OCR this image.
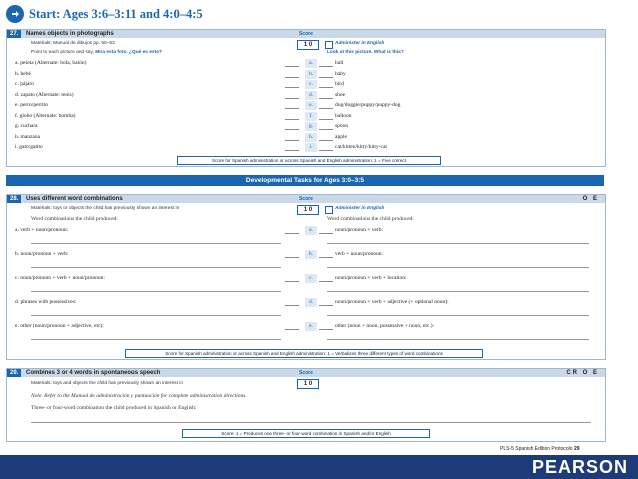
Start: Ages 3:6–3:11 and 4:0–4:5
27. Names objects in photographs	Score
1 0	Administer in English
Materials: Manual de dibujos pp. 50–52
Point to each picture and say, Mira esta foto. ¿Qué es esto?	Look at this picture. What is this?
a. pelota (Alternate: bola, balón)	a.	ball
b. bebé	b.	baby
c. pájaro	c.	bird
d. zapato (Alternate: tenis)	d.	shoe
e. perro/perrito	e.	dog/doggie/puppy/puppy-dog
f. globo (Alternate: bomba)	f.	balloon
g. cuchara	g.	spoon
h. manzana	h.	apple
i. gato/gatito	i.	cat/kitten/kitty/kitty-cat
Score for Spanish administration or across Spanish and English administration: 1 = Five correct
Developmental Tasks for Ages 3:0–3:5
28. Uses different word combinations	O E
Score
1 0	Administer in English
Materials: toys or objects the child has previously shown an interest in
Word combinations the child produced:	Word combinations the child produced:
a. verb + noun/pronoun:	a.	noun/pronoun + verb:
b. noun/pronoun + verb:	b.	verb + noun/pronoun:
c. noun/pronoun + verb + noun/pronoun:	c.	noun/pronoun + verb + location:
d. phrases with possessives:	d.	noun/pronoun + verb + adjective (+ optional noun):
e. other (noun/pronoun + adjective, etc):	e.	other (noun + noun, possessive + noun, etc.):
Score for Spanish administration or across Spanish and English administration: 1 = Verbalizes three different types of word combinations
29. Combines 3 or 4 words in spontaneous speech	CR O E
Score
1 0
Materials: toys and objects the child has previously shown an interest in
Note. Refer to the Manual de administración y puntuación for complete administration directions.
Three- or four-word combination the child produced in Spanish or English:
Score: 1 = Produces one three- or four-word combination in Spanish and/or English
PLS-5 Spanish Edition Protocolo 29
PEARSON
